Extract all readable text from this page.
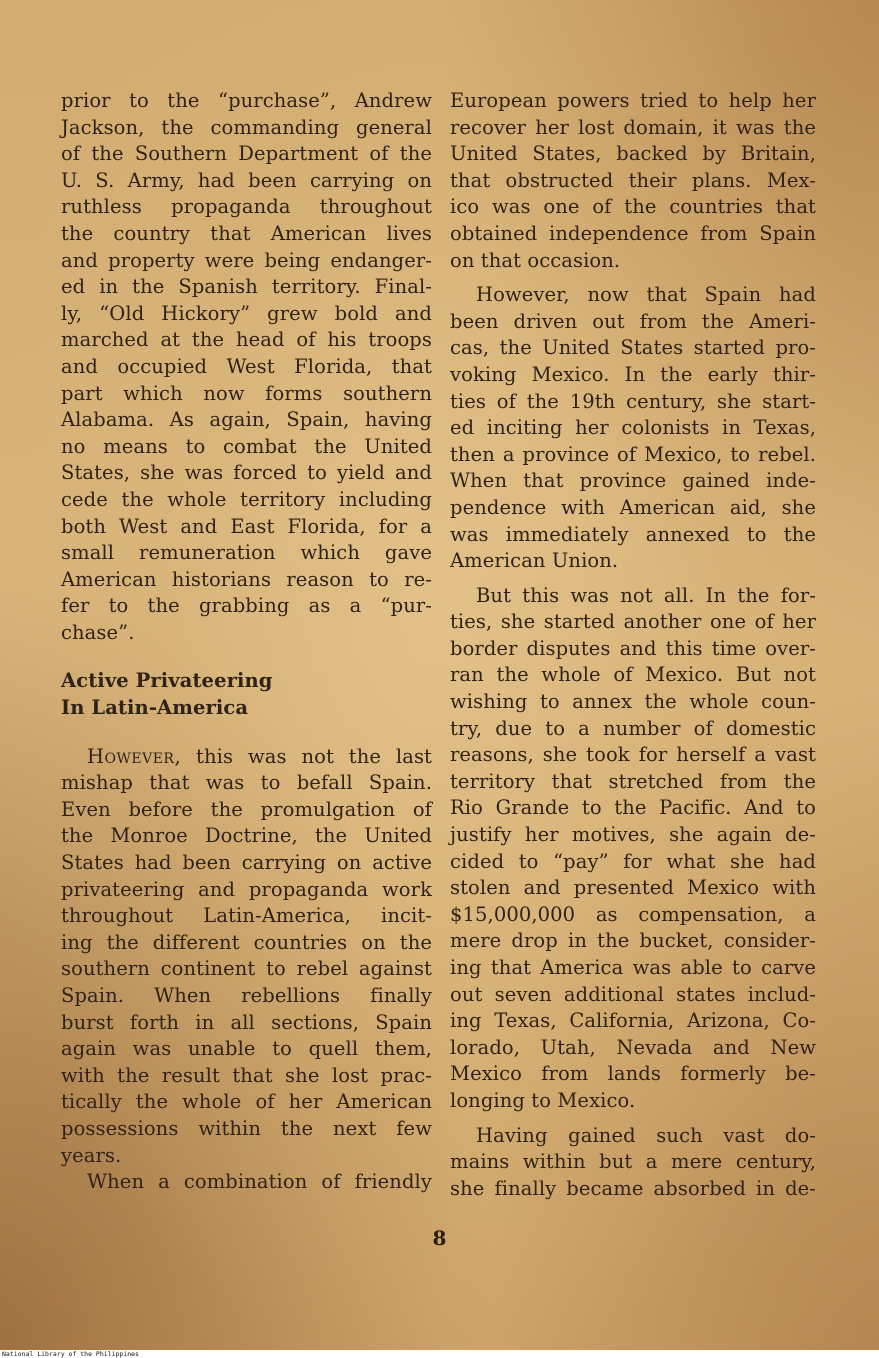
prior to the “purchase”, Andrew
Jackson, the commanding general
of the Southern Department of the
U. S. Army, had been carrying on
ruthless propaganda throughout
the country that American lives
and property were being endanger-
ed in the Spanish territory. Final-
ly, “Old Hickory” grew bold and
marched at the head of his troops
and occupied West Florida, that
part which now forms southern
Alabama. As again, Spain, having
no means to combat the United
States, she was forced to yield and
cede the whole territory including
both West and East Florida, for a
small remuneration which gave
American historians reason to re-
fer to the grabbing as a “pur-
chase”.
Active Privateering
In Latin-America
However, this was not the last
mishap that was to befall Spain.
Even before the promulgation of
the Monroe Doctrine, the United
States had been carrying on active
privateering and propaganda work
throughout Latin-America, incit-
ing the different countries on the
southern continent to rebel against
Spain. When rebellions finally
burst forth in all sections, Spain
again was unable to quell them,
with the result that she lost prac-
tically the whole of her American
possessions within the next few
years.
When a combination of friendly
European powers tried to help her
recover her lost domain, it was the
United States, backed by Britain,
that obstructed their plans. Mex-
ico was one of the countries that
obtained independence from Spain
on that occasion.
However, now that Spain had
been driven out from the Ameri-
cas, the United States started pro-
voking Mexico. In the early thir-
ties of the 19th century, she start-
ed inciting her colonists in Texas,
then a province of Mexico, to rebel.
When that province gained inde-
pendence with American aid, she
was immediately annexed to the
American Union.
But this was not all. In the for-
ties, she started another one of her
border disputes and this time over-
ran the whole of Mexico. But not
wishing to annex the whole coun-
try, due to a number of domestic
reasons, she took for herself a vast
territory that stretched from the
Rio Grande to the Pacific. And to
justify her motives, she again de-
cided to “pay” for what she had
stolen and presented Mexico with
$15,000,000 as compensation, a
mere drop in the bucket, consider-
ing that America was able to carve
out seven additional states includ-
ing Texas, California, Arizona, Co-
lorado, Utah, Nevada and New
Mexico from lands formerly be-
longing to Mexico.
Having gained such vast do-
mains within but a mere century,
she finally became absorbed in de-
8
National Library of the Philippines
